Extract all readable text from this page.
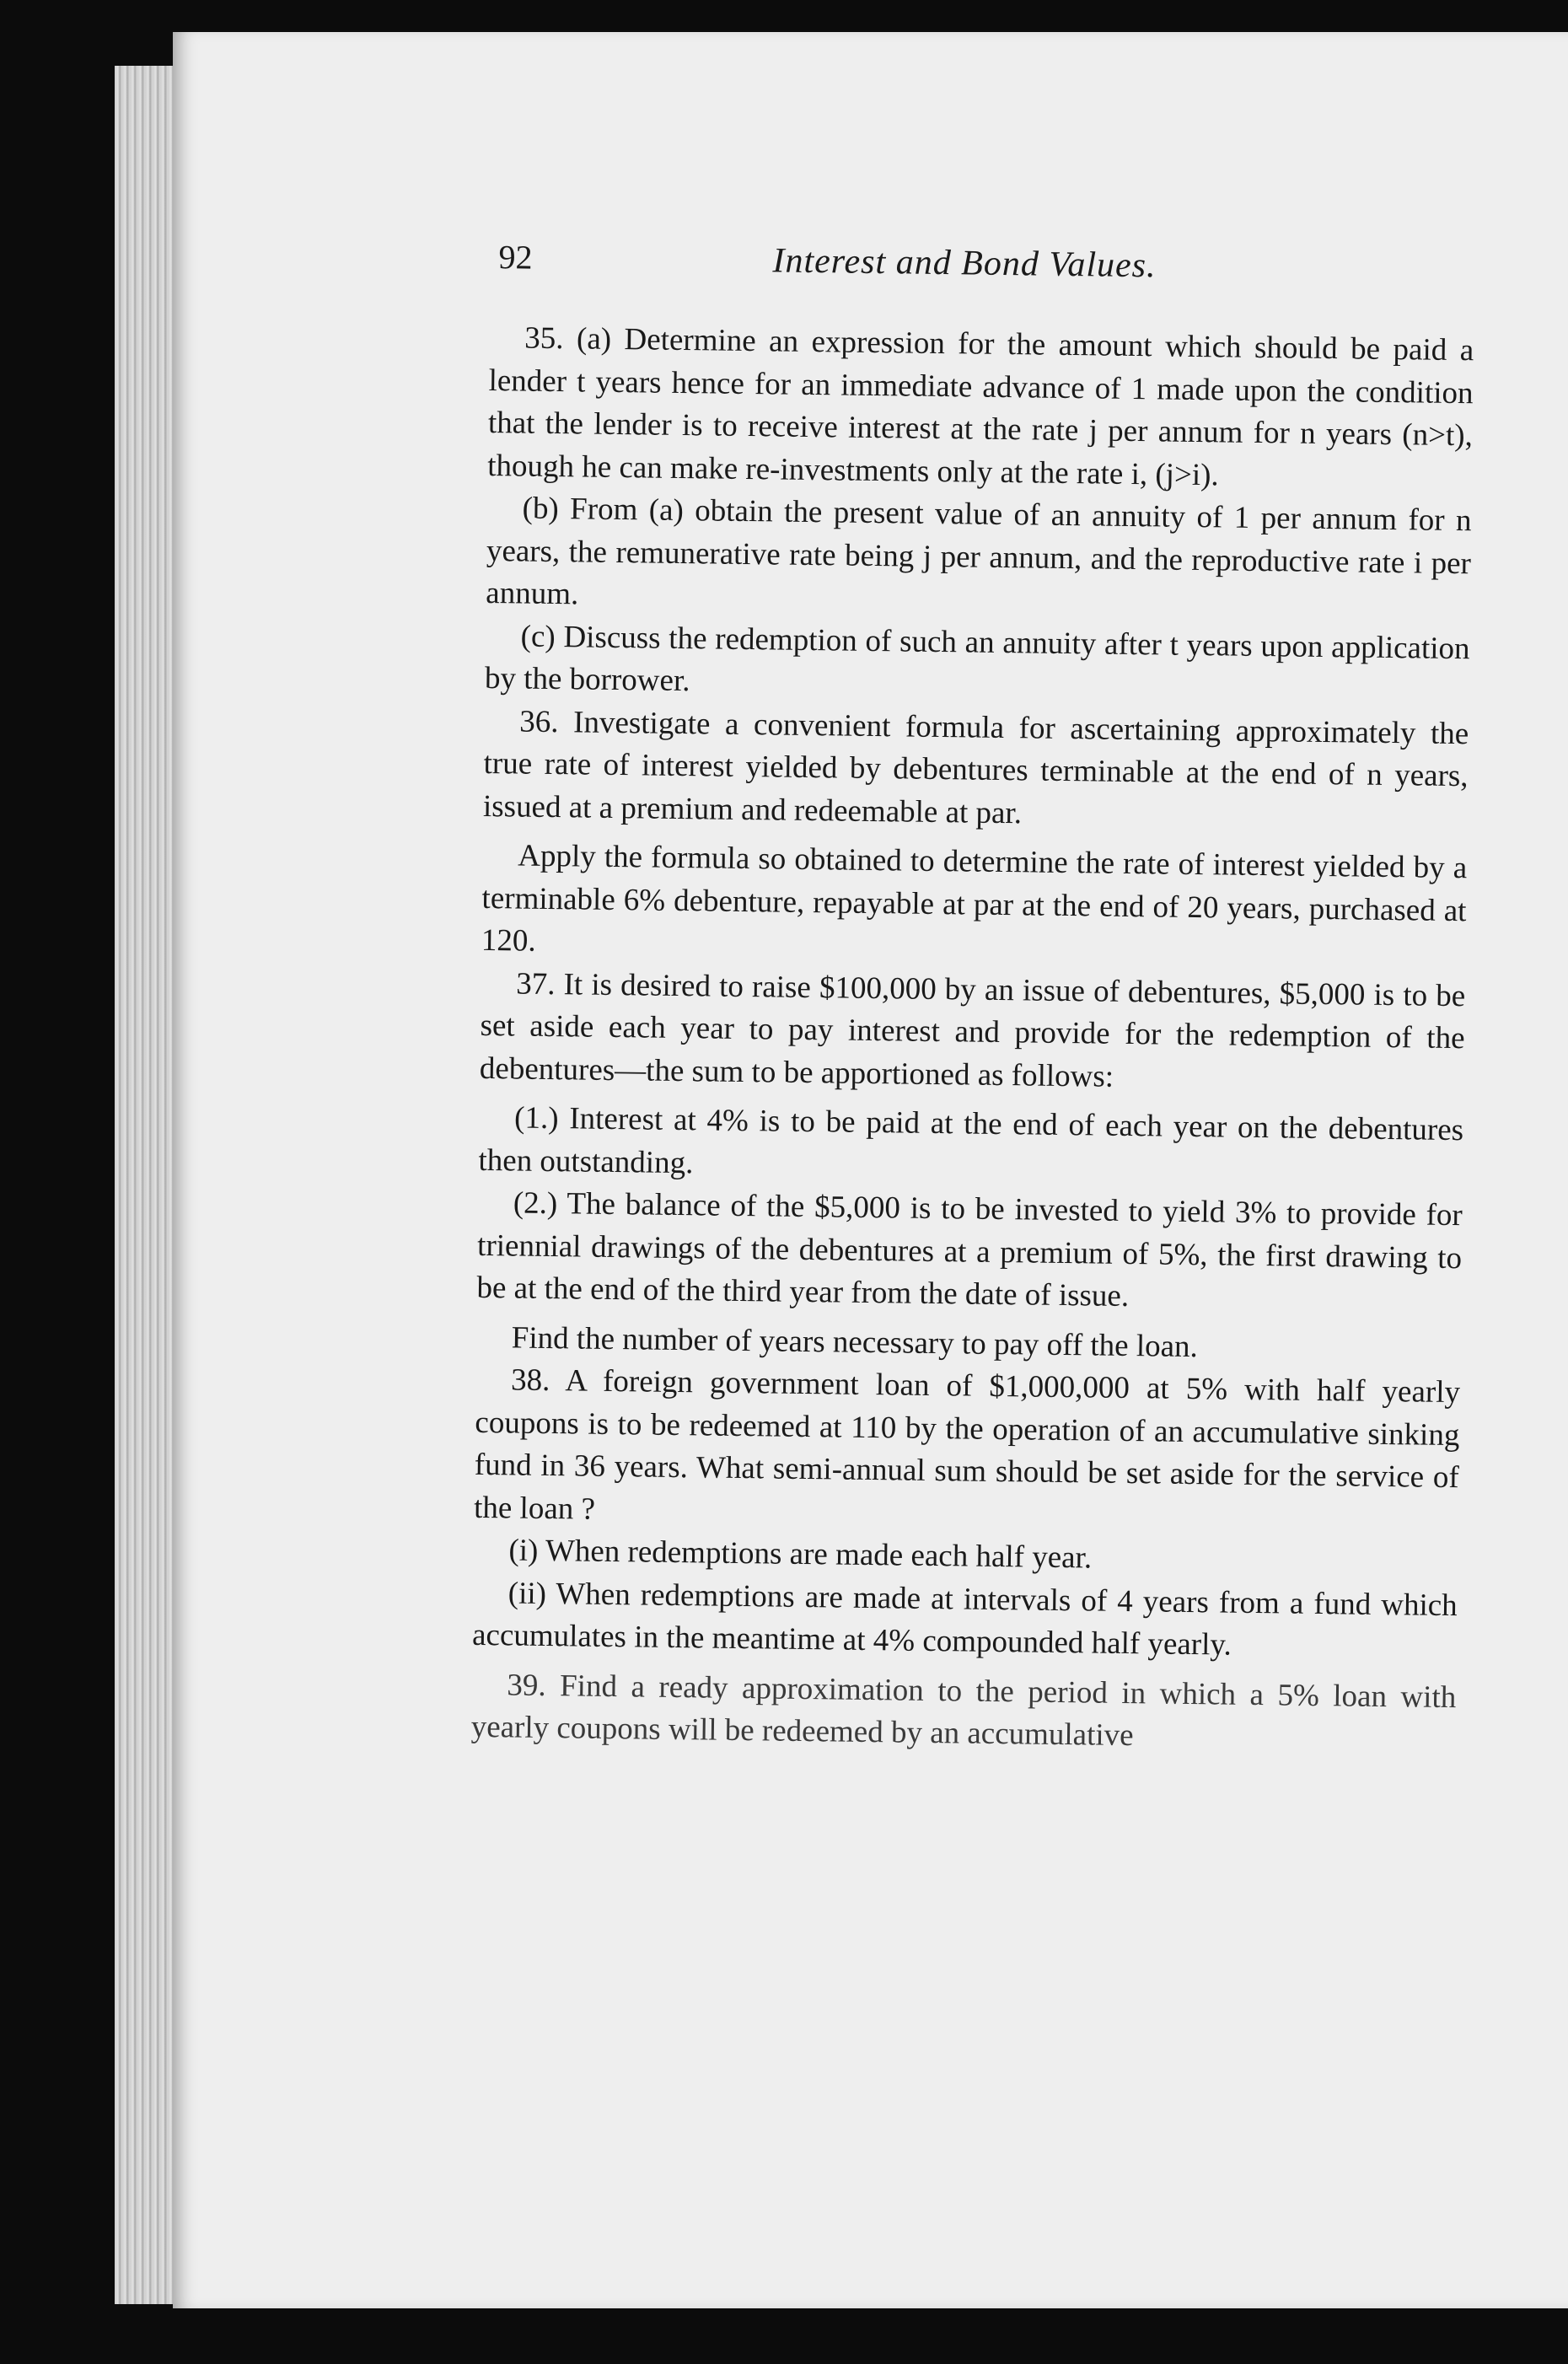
92	Interest and Bond Values.

35. (a) Determine an expression for the amount which should be paid a lender t years hence for an immediate advance of 1 made upon the condition that the lender is to receive interest at the rate j per annum for n years (n>t), though he can make re-investments only at the rate i, (j>i).

(b) From (a) obtain the present value of an annuity of 1 per annum for n years, the remunerative rate being j per annum, and the reproductive rate i per annum.

(c) Discuss the redemption of such an annuity after t years upon application by the borrower.

36. Investigate a convenient formula for ascertaining approximately the true rate of interest yielded by debentures terminable at the end of n years, issued at a premium and redeemable at par.

Apply the formula so obtained to determine the rate of interest yielded by a terminable 6% debenture, repayable at par at the end of 20 years, purchased at 120.

37. It is desired to raise $100,000 by an issue of debentures, $5,000 is to be set aside each year to pay interest and provide for the redemption of the debentures—the sum to be apportioned as follows:

(1.) Interest at 4% is to be paid at the end of each year on the debentures then outstanding.

(2.) The balance of the $5,000 is to be invested to yield 3% to provide for triennial drawings of the debentures at a premium of 5%, the first drawing to be at the end of the third year from the date of issue.

Find the number of years necessary to pay off the loan.

38. A foreign government loan of $1,000,000 at 5% with half yearly coupons is to be redeemed at 110 by the operation of an accumulative sinking fund in 36 years. What semi-annual sum should be set aside for the service of the loan ?

(i) When redemptions are made each half year.

(ii) When redemptions are made at intervals of 4 years from a fund which accumulates in the meantime at 4% compounded half yearly.

39. Find a ready approximation to the period in which a 5% loan with yearly coupons will be redeemed by an accumulative
